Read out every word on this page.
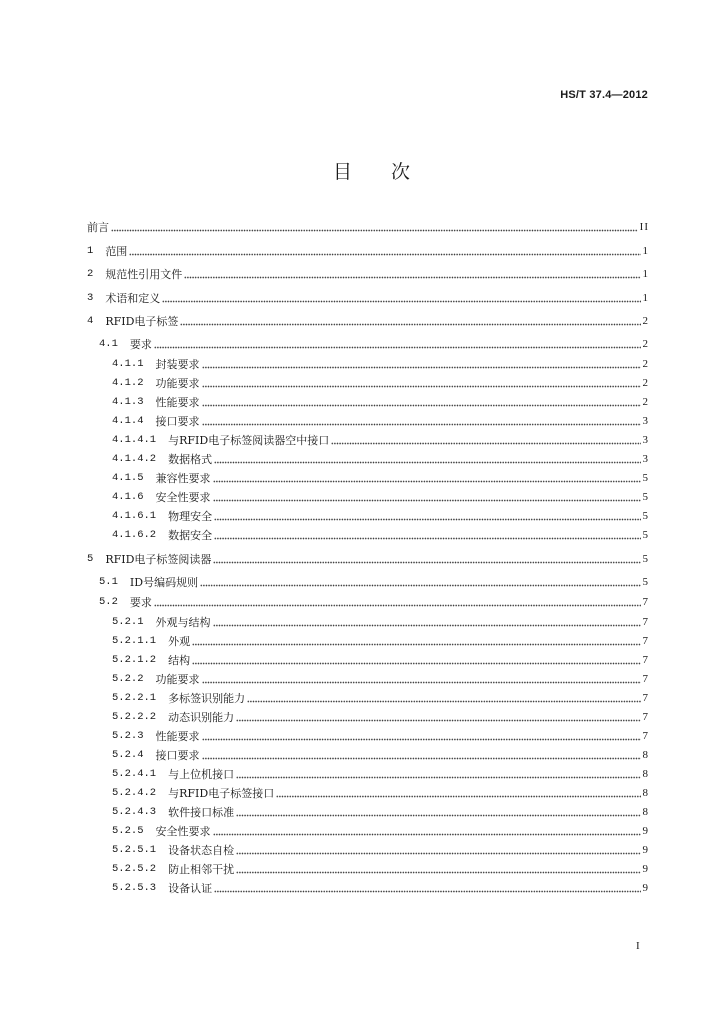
HS/T 37.4—2012
目　次
前言	II
1 范围	1
2 规范性引用文件	1
3 术语和定义	1
4 RFID电子标签	2
4.1 要求	2
4.1.1 封装要求	2
4.1.2 功能要求	2
4.1.3 性能要求	2
4.1.4 接口要求	3
4.1.4.1 与RFID电子标签阅读器空中接口	3
4.1.4.2 数据格式	3
4.1.5 兼容性要求	5
4.1.6 安全性要求	5
4.1.6.1 物理安全	5
4.1.6.2 数据安全	5
5 RFID电子标签阅读器	5
5.1 ID号编码规则	5
5.2 要求	7
5.2.1 外观与结构	7
5.2.1.1 外观	7
5.2.1.2 结构	7
5.2.2 功能要求	7
5.2.2.1 多标签识别能力	7
5.2.2.2 动态识别能力	7
5.2.3 性能要求	7
5.2.4 接口要求	8
5.2.4.1 与上位机接口	8
5.2.4.2 与RFID电子标签接口	8
5.2.4.3 软件接口标准	8
5.2.5 安全性要求	9
5.2.5.1 设备状态自检	9
5.2.5.2 防止相邻干扰	9
5.2.5.3 设备认证	9
I
